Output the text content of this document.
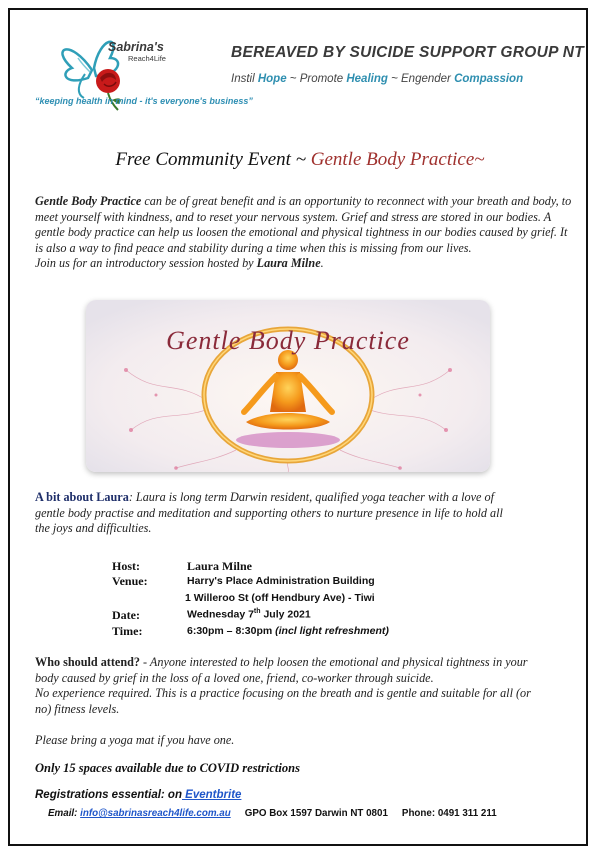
Sabrina's
Reach4Life
“keeping health in mind - it's everyone's business”
BEREAVED BY SUICIDE SUPPORT GROUP NT
Instil Hope ~ Promote Healing ~ Engender Compassion
Free Community Event ~ Gentle Body Practice~
Gentle Body Practice can be of great benefit and is an opportunity to reconnect with your breath and body, to meet yourself with kindness, and to reset your nervous system. Grief and stress are stored in our bodies. A gentle body practice can help us loosen the emotional and physical tightness in our bodies caused by grief. It is also a way to find peace and stability during a time when this is missing from our lives.
Join us for an introductory session hosted by Laura Milne.
Gentle Body Practice
A bit about Laura: Laura is long term Darwin resident, qualified yoga teacher with a love of gentle body practise and meditation and supporting others to nurture presence in life to hold all the joys and difficulties.
Host:	Laura Milne
Venue:	Harry's Place Administration Building
1 Willeroo St (off Hendbury Ave) - Tiwi
Date:	Wednesday 7th July 2021
Time:	6:30pm – 8:30pm (incl light refreshment)
Who should attend? - Anyone interested to help loosen the emotional and physical tightness in your body caused by grief in the loss of a loved one, friend, co-worker through suicide.
No experience required. This is a practice focusing on the breath and is gentle and suitable for all (or no) fitness levels.
Please bring a yoga mat if you have one.
Only 15 spaces available due to COVID restrictions
Registrations essential: on Eventbrite
Email: info@sabrinasreach4life.com.au GPO Box 1597 Darwin NT 0801 Phone: 0491 311 211
